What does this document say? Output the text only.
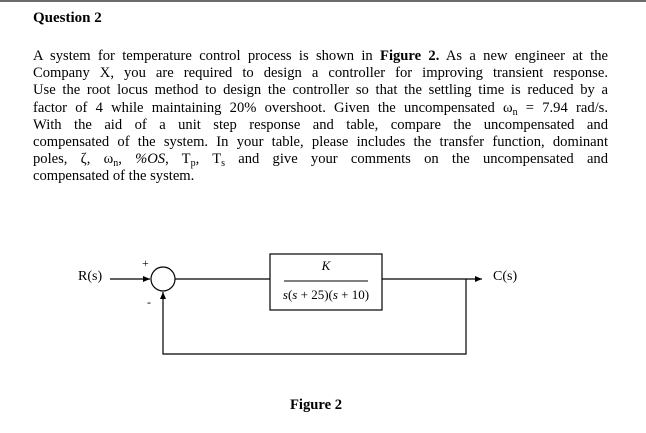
Question 2
A system for temperature control process is shown in Figure 2. As a new engineer at the
Company X, you are required to design a controller for improving transient response.
Use the root locus method to design the controller so that the settling time is reduced by a
factor of 4 while maintaining 20% overshoot. Given the uncompensated $\omega_n = 7.94$ rad/s.
With the aid of a unit step response and table, compare the uncompensated and
compensated of the system. In your table, please includes the transfer function, dominant
poles, ζ, $\omega_n$, %OS, $T_p$, $T_s$ and give your comments on the uncompensated and
compensated of the system.
R(s)	C(s)
+
-
K
s(s + 25)(s + 10)
Figure 2
